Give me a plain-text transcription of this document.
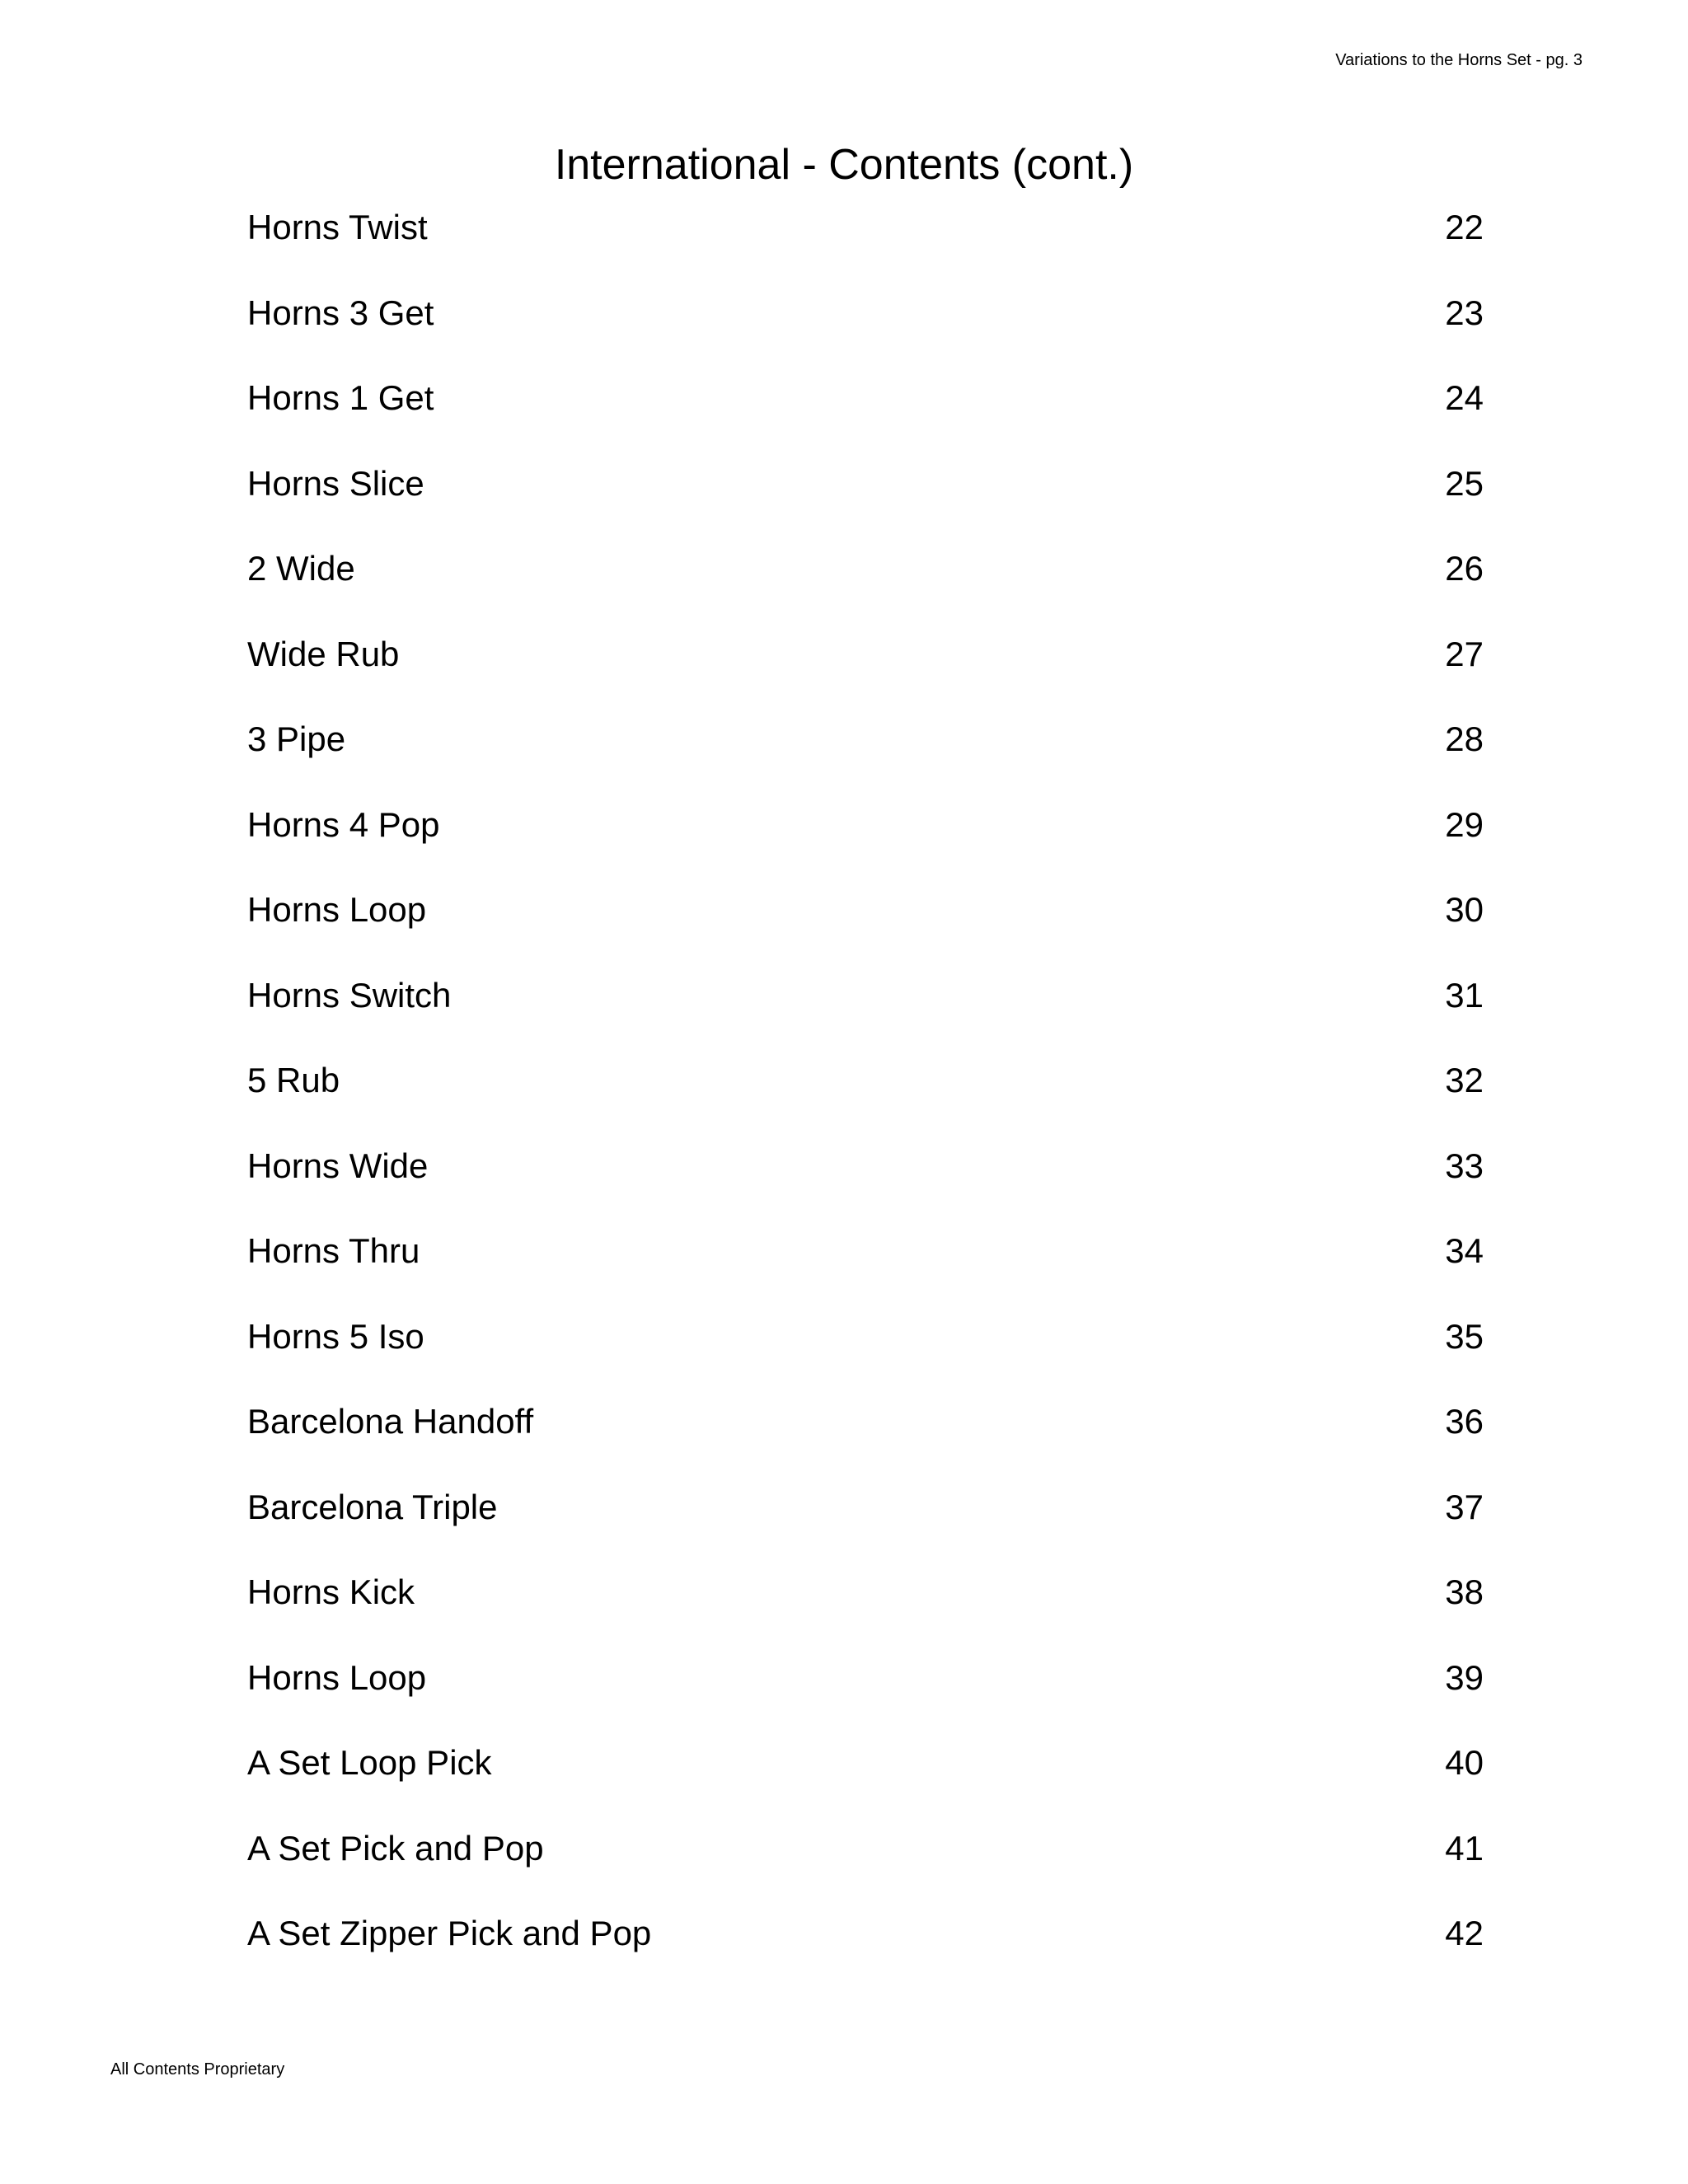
Variations to the Horns Set - pg. 3
International - Contents (cont.)
Horns Twist	22
Horns 3 Get	23
Horns 1 Get	24
Horns Slice	25
2 Wide	26
Wide Rub	27
3 Pipe	28
Horns 4 Pop	29
Horns Loop	30
Horns Switch	31
5 Rub	32
Horns Wide	33
Horns Thru	34
Horns 5 Iso	35
Barcelona Handoff	36
Barcelona Triple	37
Horns Kick	38
Horns Loop	39
A Set Loop Pick	40
A Set Pick and Pop	41
A Set Zipper Pick and Pop	42
All Contents Proprietary
